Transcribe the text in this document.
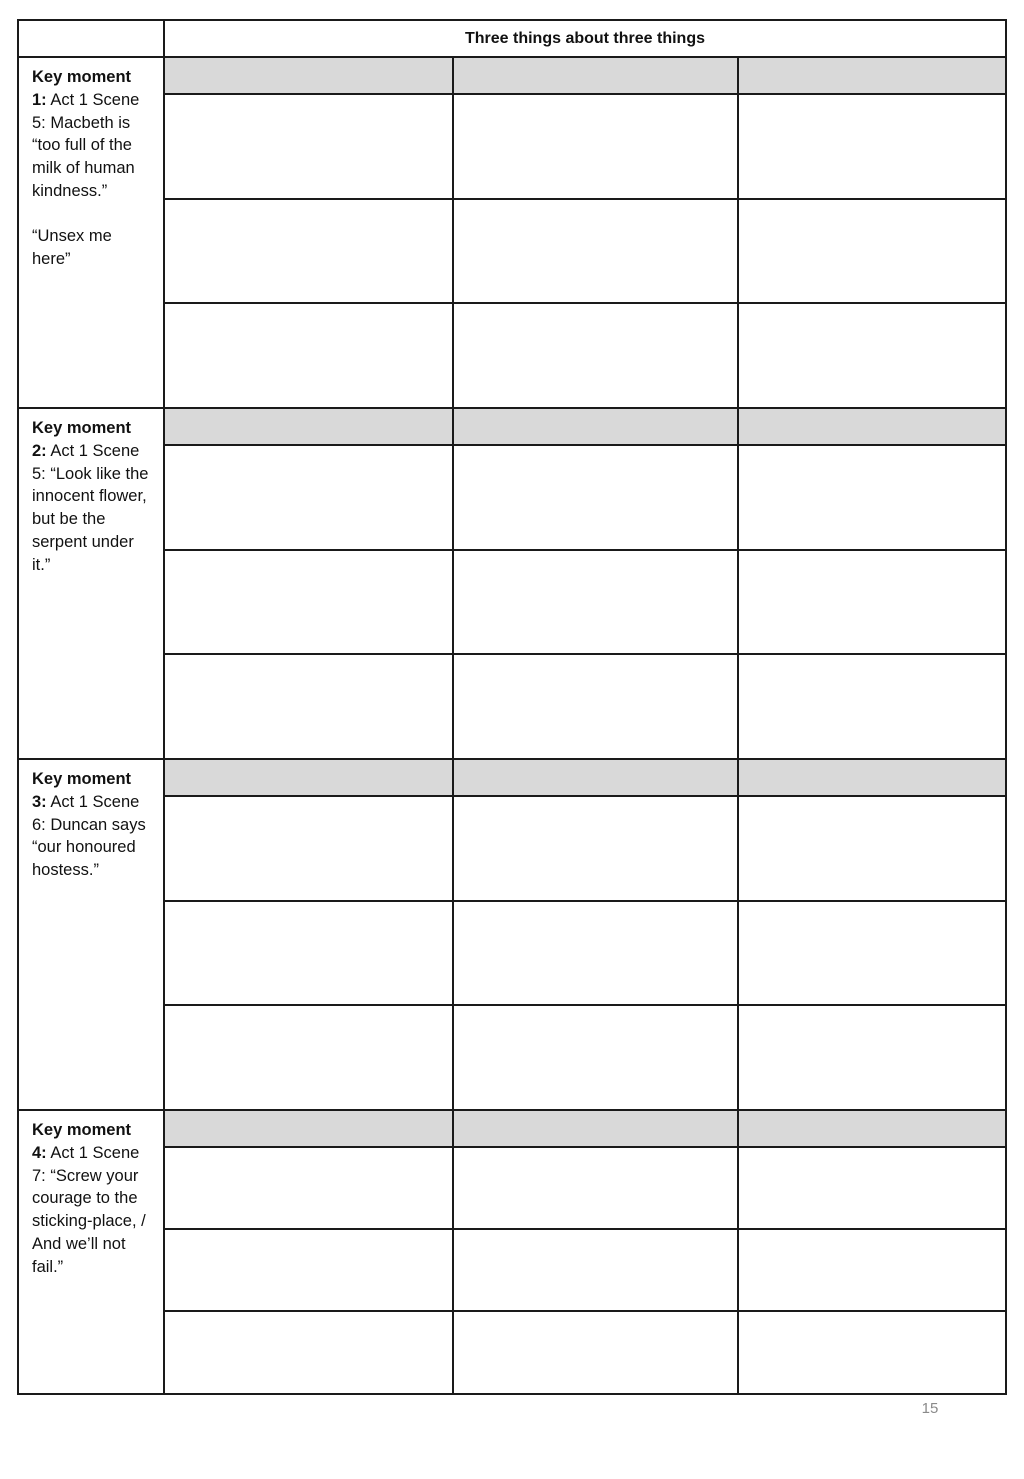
	Three things about three things		

Key moment
1: Act 1 Scene 5: Macbeth is “too full of the milk of human kindness.”

“Unsex me here”			

Key moment
2: Act 1 Scene 5: “Look like the innocent flower, but be the serpent under it.”			

Key moment
3: Act 1 Scene 6: Duncan says “our honoured hostess.”			

Key moment
4: Act 1 Scene 7: “Screw your courage to the sticking-place, / And we’ll not fail.”			

15
